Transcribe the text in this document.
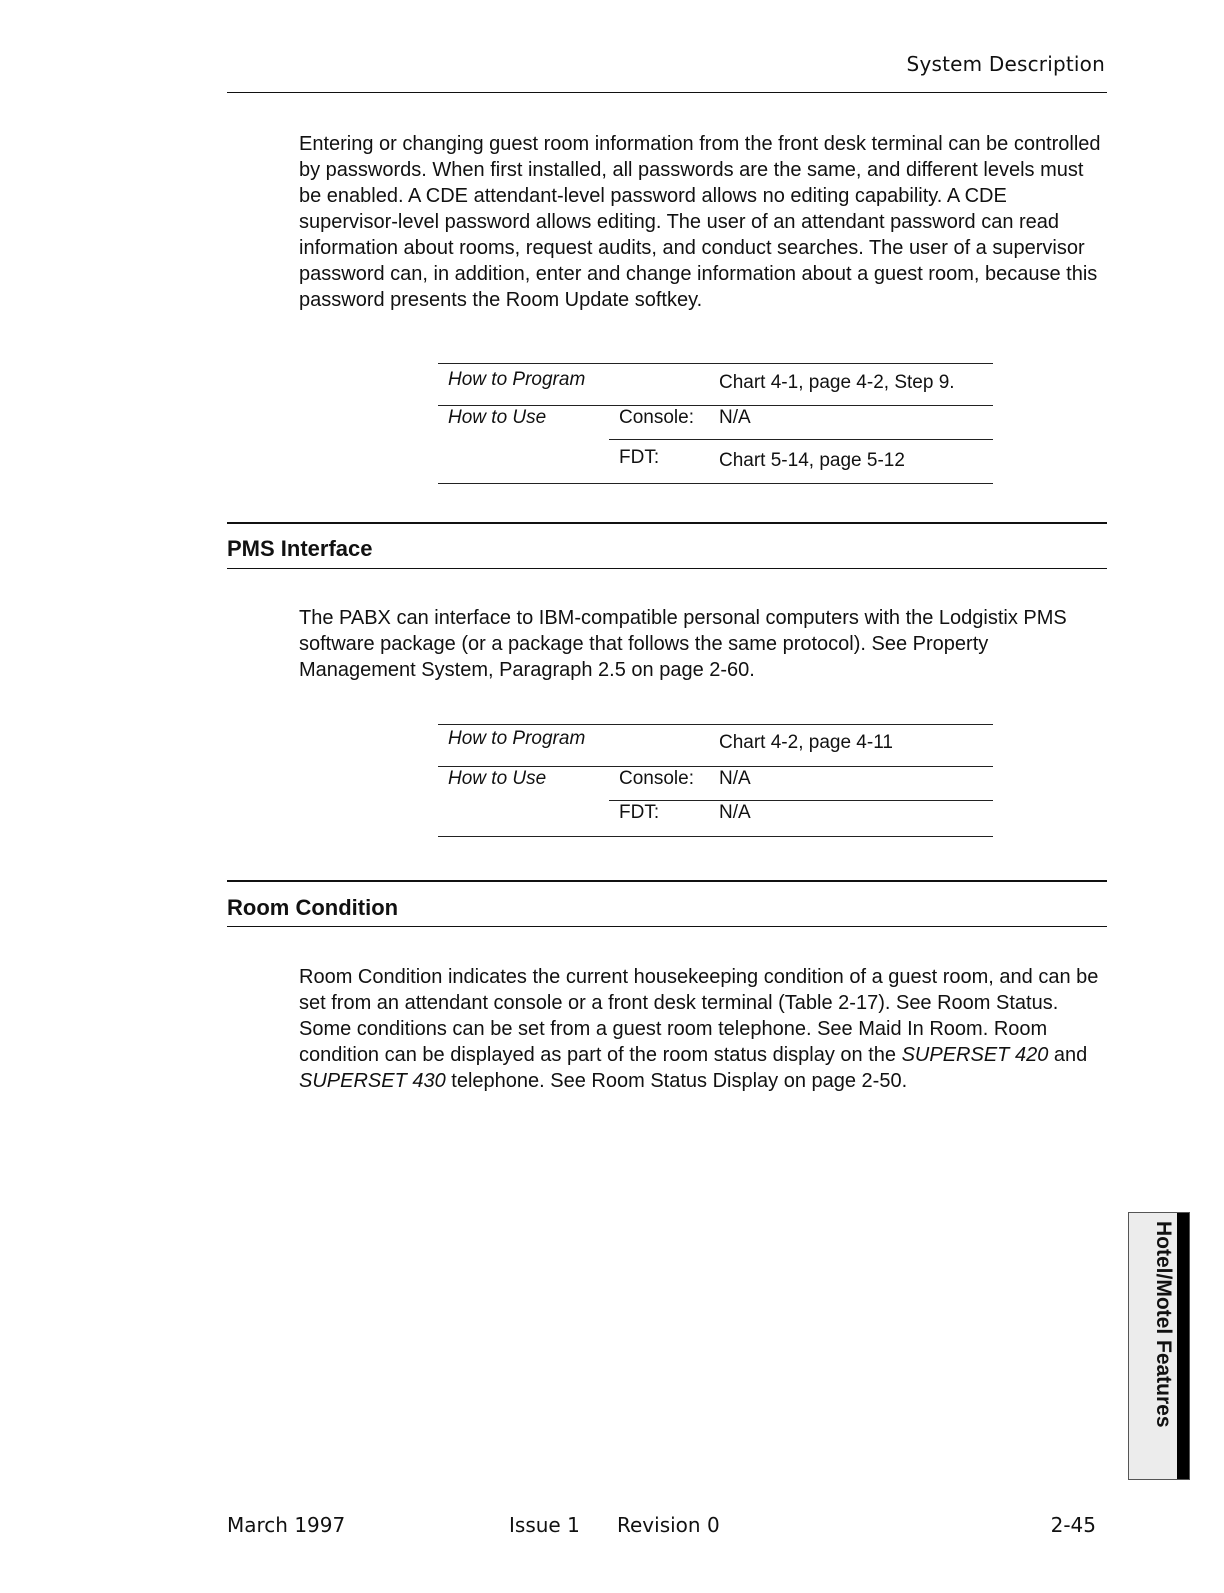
System Description
Entering or changing guest room information from the front desk terminal can be controlled by passwords. When first installed, all passwords are the same, and different levels must be enabled. A CDE attendant-level password allows no editing capability. A CDE supervisor-level password allows editing. The user of an attendant password can read information about rooms, request audits, and conduct searches. The user of a supervisor password can, in addition, enter and change information about a guest room, because this password presents the Room Update softkey.
How to Program	Chart 4-1, page 4-2, Step 9.
How to Use	Console: N/A
FDT:	Chart 5-14, page 5-12
PMS Interface
The PABX can interface to IBM-compatible personal computers with the Lodgistix PMS software package (or a package that follows the same protocol). See Property Management System, Paragraph 2.5 on page 2-60.
How to Program	Chart 4-2, page 4-11
How to Use	Console: N/A
FDT:	N/A
Room Condition
Room Condition indicates the current housekeeping condition of a guest room, and can be set from an attendant console or a front desk terminal (Table 2-17). See Room Status. Some conditions can be set from a guest room telephone. See Maid In Room. Room condition can be displayed as part of the room status display on the SUPERSET 420 and SUPERSET 430 telephone. See Room Status Display on page 2-50.
Hotel/Motel Features
March 1997	Issue 1 Revision 0	2-45
